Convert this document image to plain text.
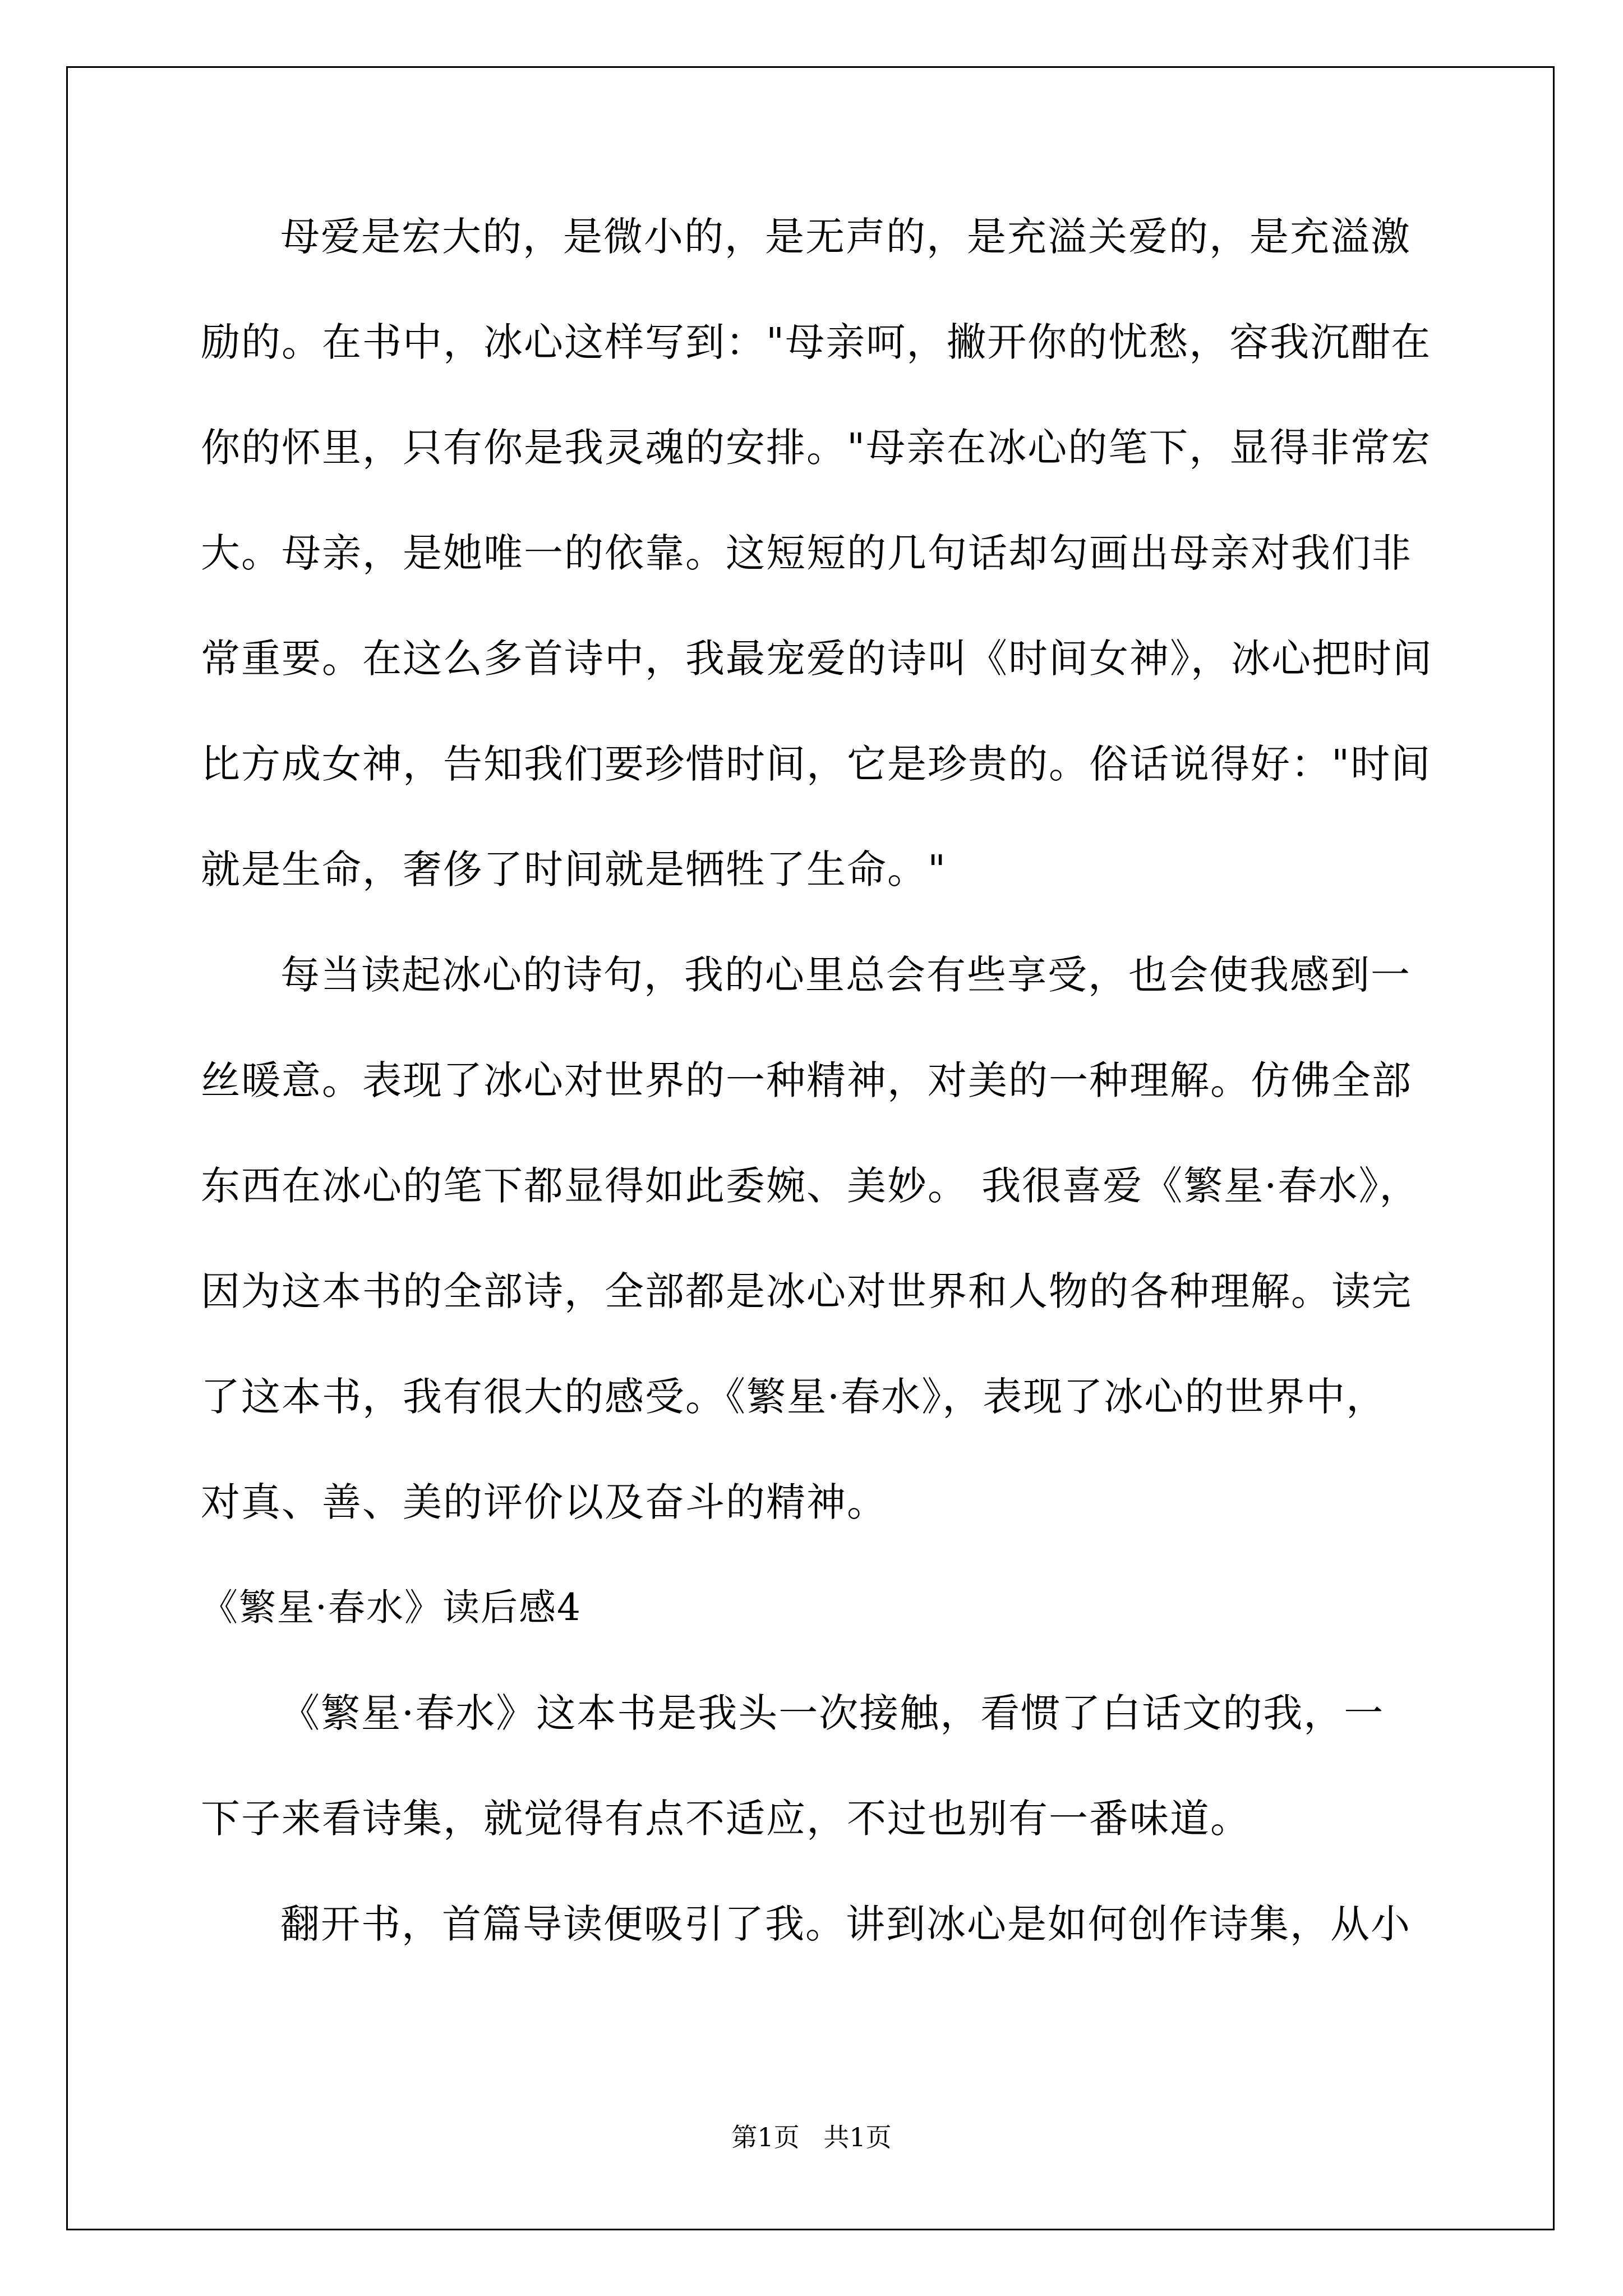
母爱是宏大的，是微小的，是无声的，是充溢关爱的，是充溢激
励的。在书中，冰心这样写到："母亲呵，撇开你的忧愁，容我沉酣在
你的怀里，只有你是我灵魂的安排。"母亲在冰心的笔下，显得非常宏
大。母亲，是她唯一的依靠。这短短的几句话却勾画出母亲对我们非
常重要。在这么多首诗中，我最宠爱的诗叫《时间女神》，冰心把时间
比方成女神，告知我们要珍惜时间，它是珍贵的。俗话说得好："时间
就是生命，奢侈了时间就是牺牲了生命。"
每当读起冰心的诗句，我的心里总会有些享受，也会使我感到一
丝暖意。表现了冰心对世界的一种精神，对美的一种理解。仿佛全部
东西在冰心的笔下都显得如此委婉、美妙。 我很喜爱《繁星·春水》，
因为这本书的全部诗，全部都是冰心对世界和人物的各种理解。读完
了这本书，我有很大的感受。《繁星·春水》，表现了冰心的世界中，
对真、善、美的评价以及奋斗的精神。
《繁星·春水》读后感4
《繁星·春水》这本书是我头一次接触，看惯了白话文的我，一
下子来看诗集，就觉得有点不适应，不过也别有一番味道。
翻开书，首篇导读便吸引了我。讲到冰心是如何创作诗集，从小
第1页 共1页
